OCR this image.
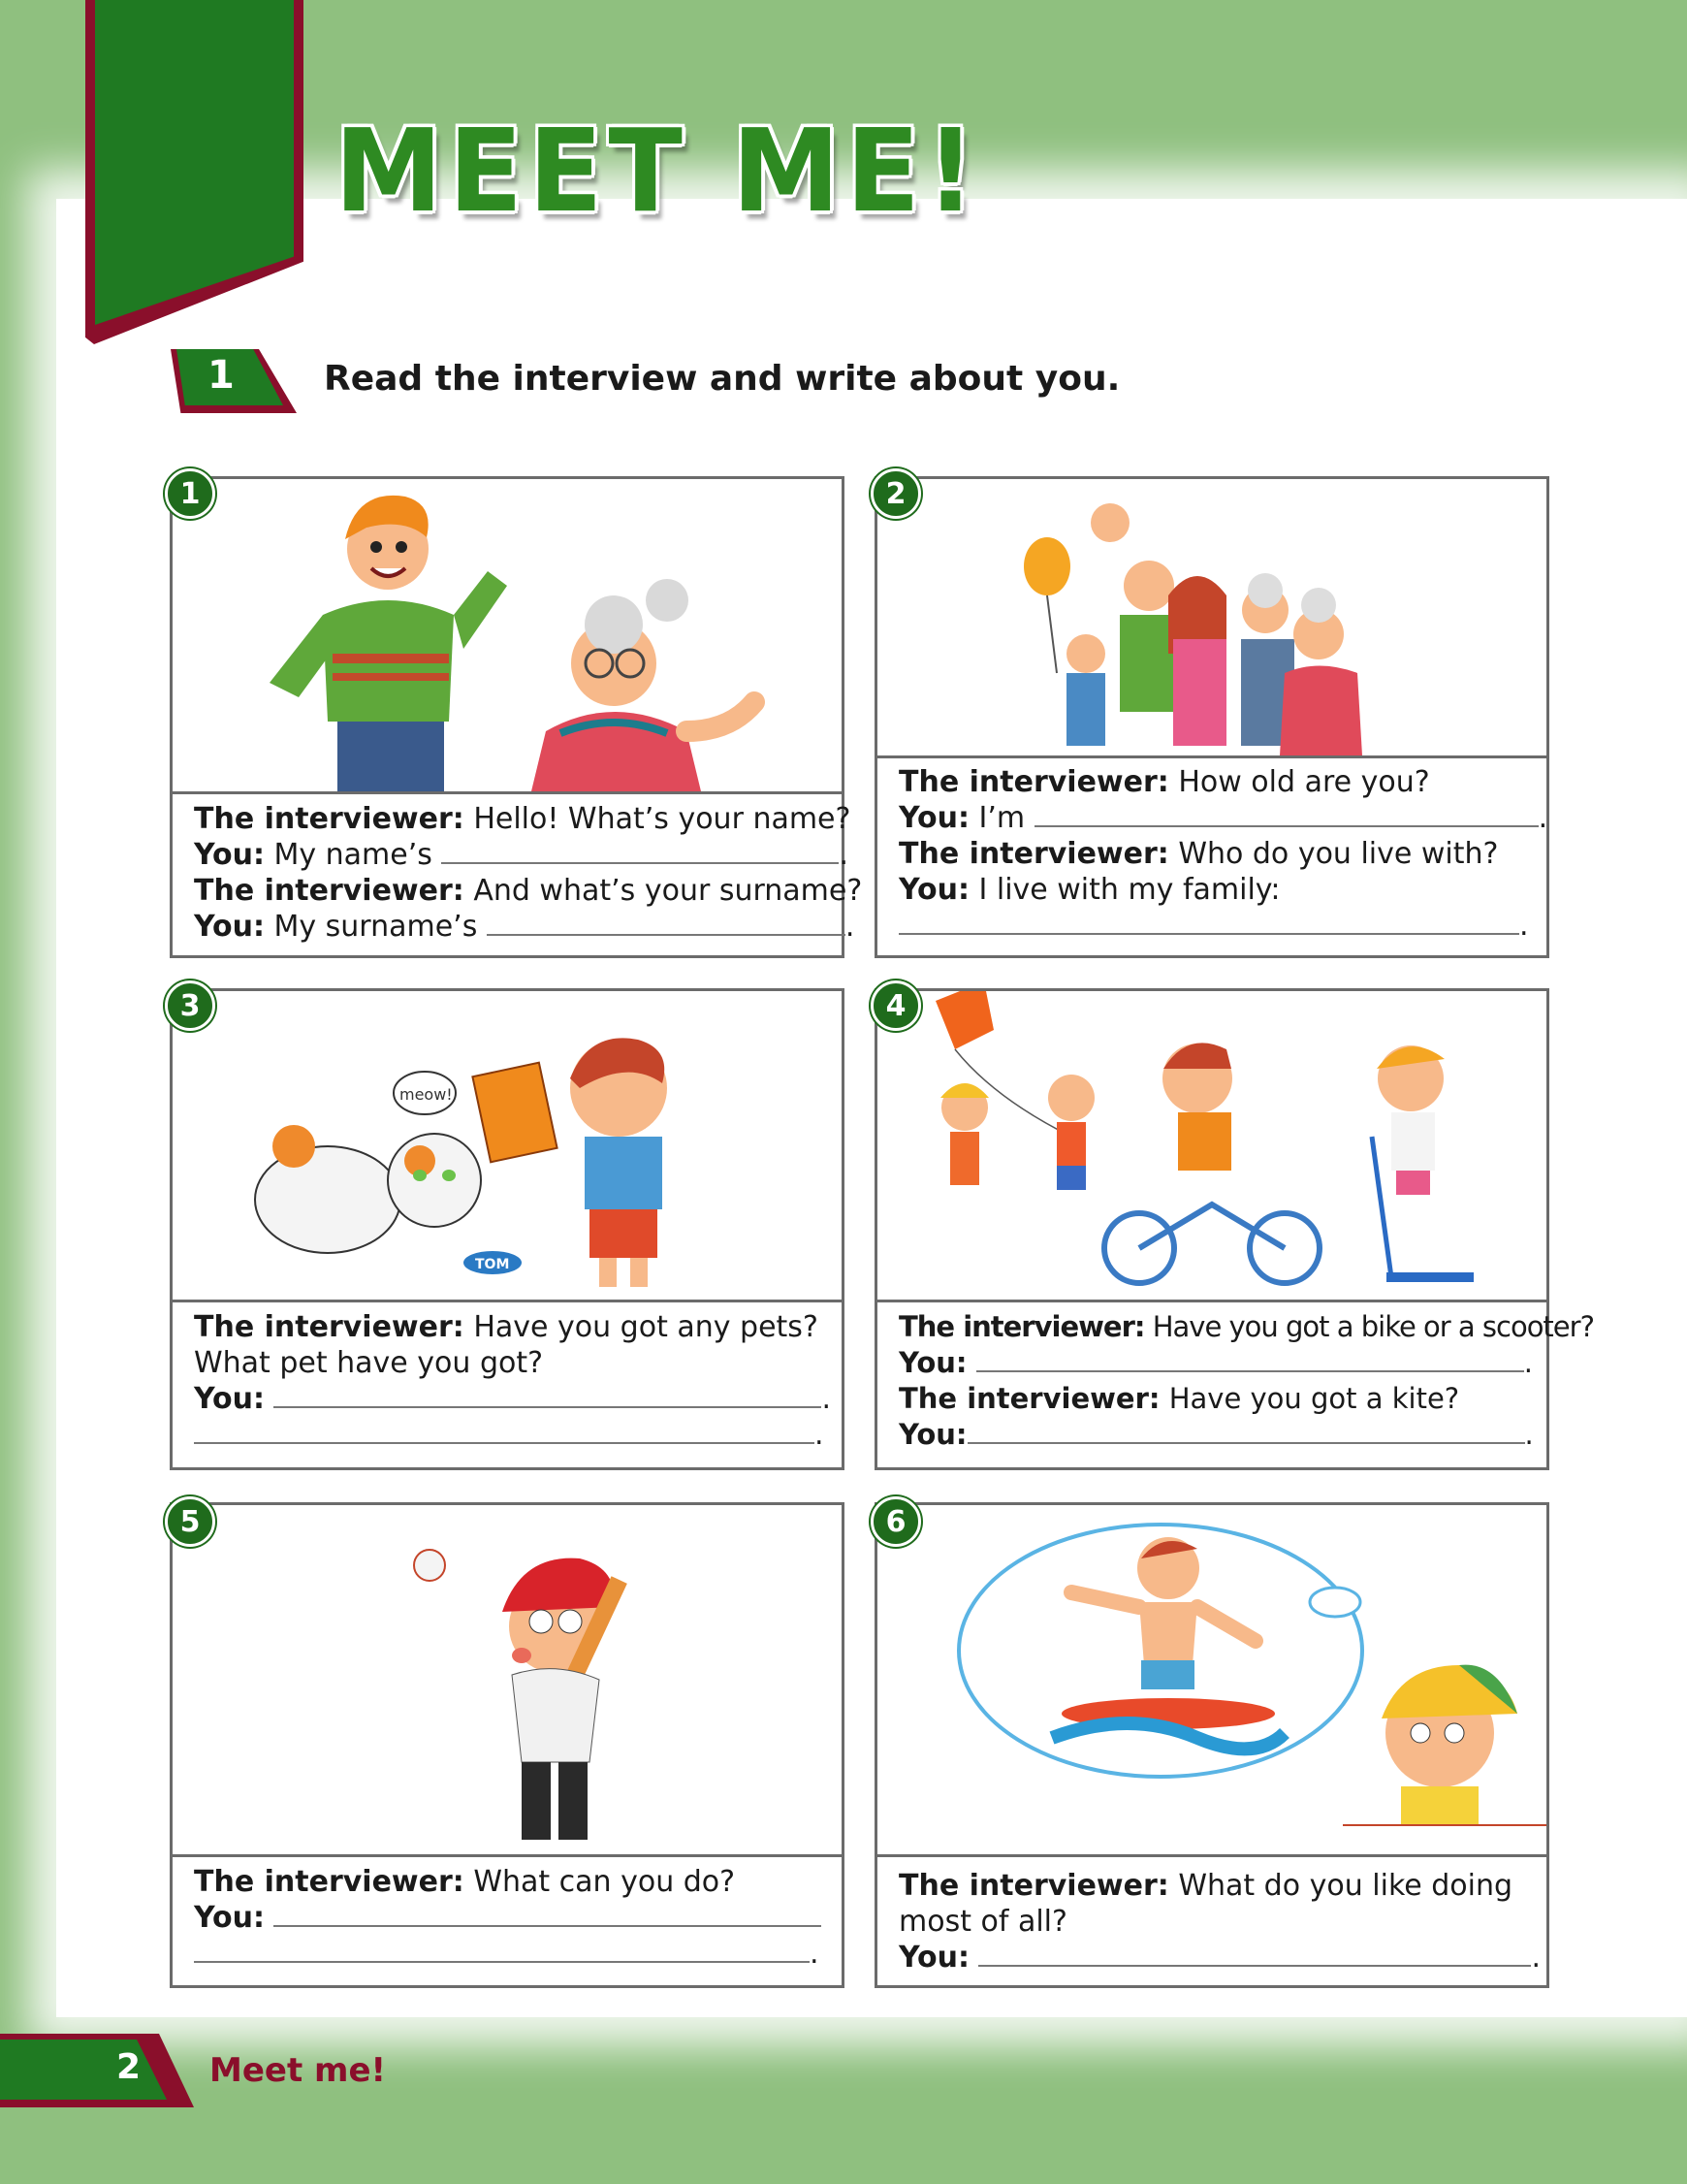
MEET ME!
1	Read the interview and write about you.
The interviewer: Hello! What’s your name?
You: My name’s	.
The interviewer: And what’s your surname?
You: My surname’s	.
1
The interviewer: How old are you?
You: I’m	.
The interviewer: Who do you live with?
You: I live with my family:
.
2
meow!
TOM
The interviewer: Have you got any pets?
What pet have you got?
You:	.
.
3
The interviewer: Have you got a bike or a scooter?
You:	.
The interviewer: Have you got a kite?
You:	.
4
The interviewer: What can you do?
You:
.
5
The interviewer: What do you like doing
most of all?
You:	.
6
2 Meet me!
